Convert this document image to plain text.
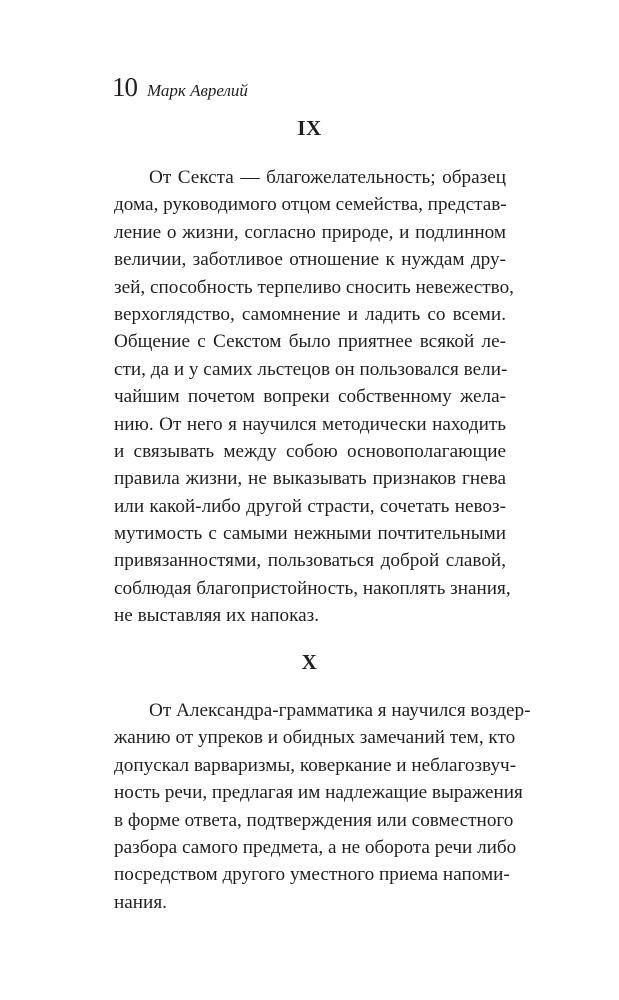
10 Марк Аврелий
IX

От Секста — благожелательность; образец
дома, руководимого отцом семейства, представ-
ление о жизни, согласно природе, и подлинном
величии, заботливое отношение к нуждам дру-
зей, способность терпеливо сносить невежество,
верхоглядство, самомнение и ладить со всеми.
Общение с Секстом было приятнее всякой ле-
сти, да и у самих льстецов он пользовался вели-
чайшим почетом вопреки собственному жела-
нию. От него я научился методически находить
и связывать между собою основополагающие
правила жизни, не выказывать признаков гнева
или какой-либо другой страсти, сочетать невоз-
мутимость с самыми нежными почтительными
привязанностями, пользоваться доброй славой,
соблюдая благопристойность, накоплять знания,
не выставляя их напоказ.

X

От Александра-грамматика я научился воздер-
жанию от упреков и обидных замечаний тем, кто
допускал варваризмы, коверкание и неблагозвуч-
ность речи, предлагая им надлежащие выражения
в форме ответа, подтверждения или совместного
разбора самого предмета, а не оборота речи либо
посредством другого уместного приема напоми-
нания.
